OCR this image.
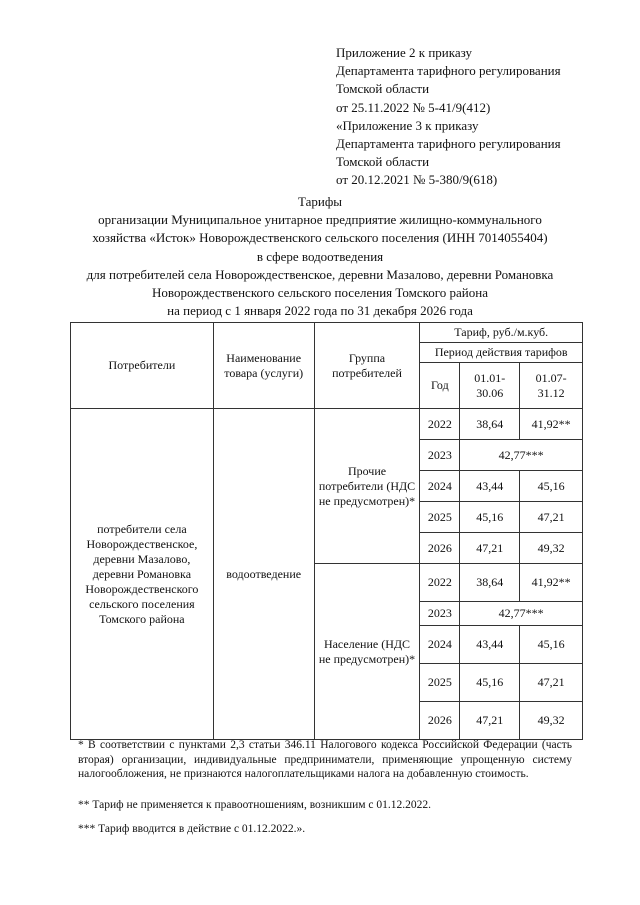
Приложение 2 к приказу
Департамента тарифного регулирования
Томской области
от 25.11.2022 № 5-41/9(412)
«Приложение 3 к приказу
Департамента тарифного регулирования
Томской области
от 20.12.2021 № 5-380/9(618)
Тарифы
организации Муниципальное унитарное предприятие жилищно-коммунального
хозяйства «Исток» Новорождественского сельского поселения (ИНН 7014055404)
в сфере водоотведения
для потребителей села Новорождественское, деревни Мазалово, деревни Романовка
Новорождественского сельского поселения Томского района
на период с 1 января 2022 года по 31 декабря 2026 года
Потребители	Наименование товара (услуги)	Группа потребителей	Тариф, руб./м.куб.		
			Период действия тарифов		
			Год	01.01-30.06	01.07-31.12
потребители села Новорождественское, деревни Мазалово, деревни Романовка Новорождественского сельского поселения Томского района	водоотведение	Прочие потребители (НДС не предусмотрен)*	2022	38,64	41,92**
			2023	42,77***	
			2024	43,44	45,16
			2025	45,16	47,21
			2026	47,21	49,32
		Население (НДС не предусмотрен)*	2022	38,64	41,92**
			2023	42,77***	
			2024	43,44	45,16
			2025	45,16	47,21
			2026	47,21	49,32
* В соответствии с пунктами 2,3 статьи 346.11 Налогового кодекса Российской Федерации (часть вторая) организации, индивидуальные предприниматели, применяющие упрощенную систему налогообложения, не признаются налогоплательщиками налога на добавленную стоимость.
** Тариф не применяется к правоотношениям, возникшим с 01.12.2022.
*** Тариф вводится в действие с 01.12.2022.».
